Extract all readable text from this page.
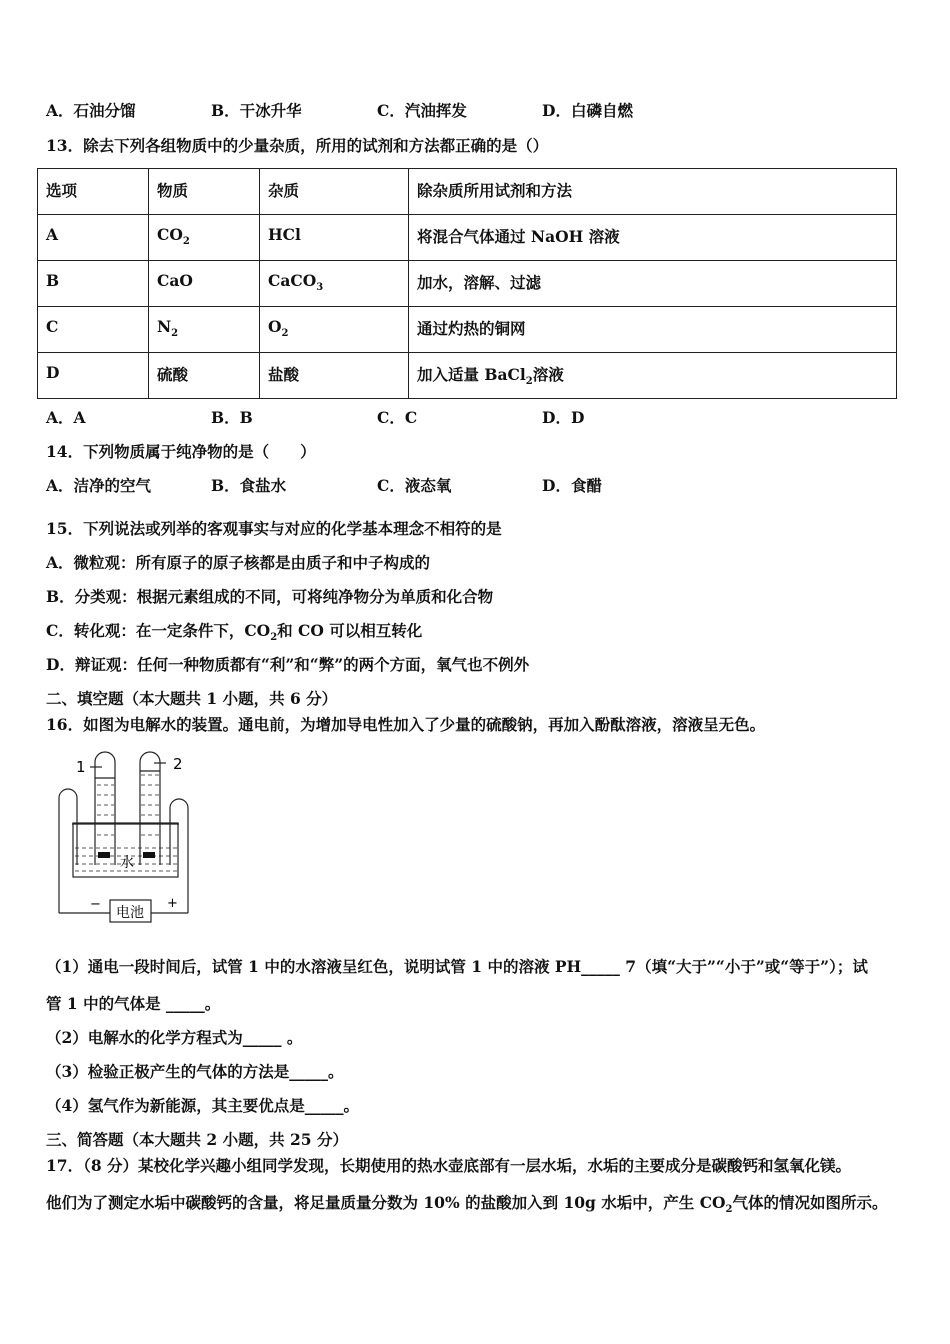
A．石油分馏	B．干冰升华	C．汽油挥发	D．白磷自燃
13．除去下列各组物质中的少量杂质，所用的试剂和方法都正确的是（）
选项	物质	杂质	除杂质所用试剂和方法
A	$CO_2$	HCl	将混合气体通过 NaOH 溶液
B	CaO	CaCO$_3$	加水，溶解、过滤
C	$N_2$	$O_2$	通过灼热的铜网
D	硫酸	盐酸	加入适量 BaCl$_2$溶液
A．A	B．B	C．C	D．D
14．下列物质属于纯净物的是（　　）
A．洁净的空气	B．食盐水	C．液态氧	D．食醋
15．下列说法或列举的客观事实与对应的化学基本理念不相符的是
A．微粒观：所有原子的原子核都是由质子和中子构成的
B．分类观：根据元素组成的不同，可将纯净物分为单质和化合物
C．转化观：在一定条件下，$CO_2$和 CO 可以相互转化
D．辩证观：任何一种物质都有“利”和“弊”的两个方面，氧气也不例外
二、填空题（本大题共 1 小题，共 6 分）
16．如图为电解水的装置。通电前，为增加导电性加入了少量的硫酸钠，再加入酚酞溶液，溶液呈无色。
1	2
水
电池
−	+
（1）通电一段时间后，试管 1 中的水溶液呈红色，说明试管 1 中的溶液 PH_____ 7（填“大于”“小于”或“等于”）；试
管 1 中的气体是 _____。
（2）电解水的化学方程式为_____ 。
（3）检验正极产生的气体的方法是_____。
（4）氢气作为新能源，其主要优点是_____。
三、简答题（本大题共 2 小题，共 25 分）
17．（8 分）某校化学兴趣小组同学发现，长期使用的热水壶底部有一层水垢，水垢的主要成分是碳酸钙和氢氧化镁。
他们为了测定水垢中碳酸钙的含量，将足量质量分数为 10% 的盐酸加入到 10g 水垢中，产生 $CO_2$气体的情况如图所示。
